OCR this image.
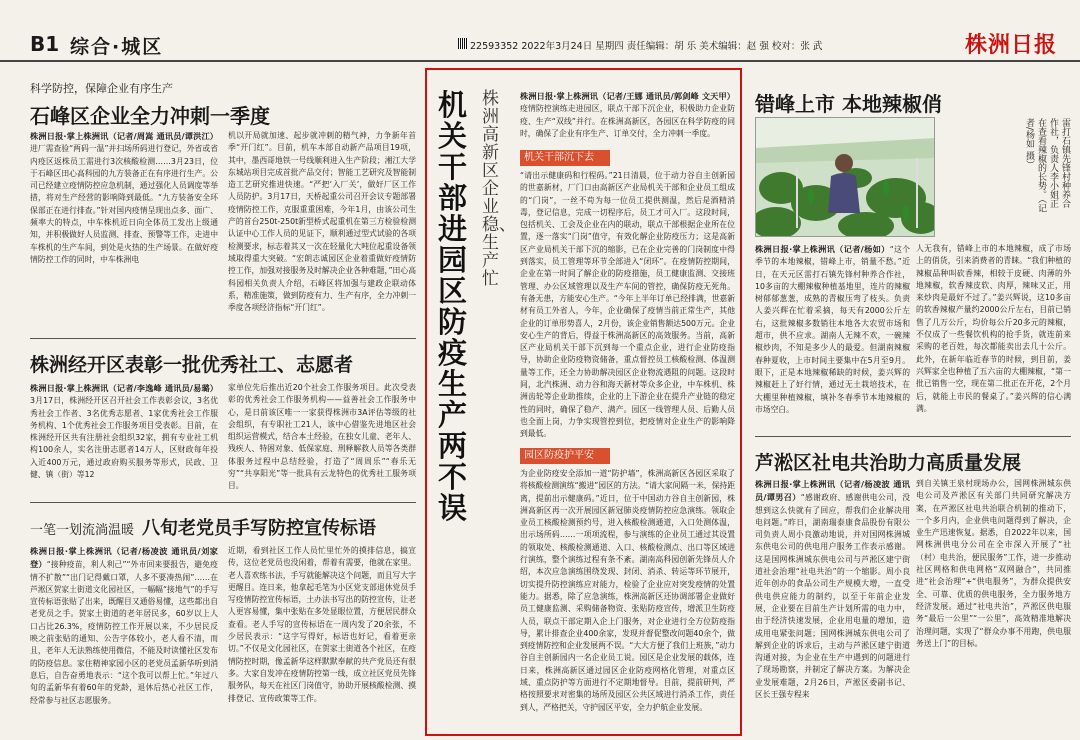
B1 综合·城区	22593352 2022年3月24日 星期四 责任编辑：胡 乐 美术编辑：赵 强 校对：张 武	株洲日报
科学防控，保障企业有序生产
石峰区企业全力冲刺一季度
株洲日报·掌上株洲讯（记者/周嵩 通讯员/谭洪江）进厂需查验“两码一温”并扫场所码进行登记，外省或省内疫区返株员工需进行3次核酸检测……3月23日，位于石峰区田心高科园的九方装备正在有序进行生产。公司已经建立疫情防控应急机制，通过强化人员调度等举措，将对生产经营的影响降到最低。“九方装备安全环保部正在进行排查。”针对国内疫情呈现出点多、面广、频率大的特点，中车株机近日向全体员工发出上级通知，并积极做好人员监测、排查、预警等工作，走进中车株机的生产车间，到处是火热的生产场景。在做好疫情防控工作的同时，中车株洲电
机以开局就加速、起步就冲刺的精气神，力争新年首季“开门红”。目前，机车本部自动新产品项目19项，其中，墨西哥地铁一号线顺利进入生产阶段；湘江大学东城站项目完成首批产品交付；智能工艺研究及智能制造工艺研究推进快速。“严把‘入厂关’，做好厂区工作人员防护。3月17日，天桥起重公司召开会议专题部署疫情防控工作，克服重重困难，今年1月，由该公司生产的首台250t-250t新型桥式起重机在第三方检验检测认证中心工作人员的见证下，顺利通过型式试验的各项检测要求，标志着其又一次在轻量化大吨位起重设备领域取得重大突破。“宏朗志诚园区企业着重做好疫情防控工作，加强对接服务及时解决企业各种难题，”田心高科园相关负责人介绍，石峰区将加强与建政企联动体系，精准施策，做到防疫有力、生产有序，全力冲刺一季度各项经济指标“开门红”。
株洲经开区表彰一批优秀社工、志愿者
株洲日报·掌上株洲讯（记者/李逸峰 通讯员/易璐）3月17日，株洲经开区召开社会工作表彰会议，3名优秀社会工作者、3名优秀志愿者、1家优秀社会工作服务机构、1个优秀社会工作服务项目受表彰。目前，在株洲经开区共有注册社会组织32家，拥有专业社工机构100余人，实名注册志愿者14万人，区财政每年投入近400万元，通过政府购买服务等形式，民政、卫健、镇（街）等12
家单位先后推出近20个社会工作服务项目。此次受表彰的优秀社会工作服务机构——益善社会工作服务中心，是日前该区唯一一家获得株洲市3A评估等级的社会组织，有专职社工21人，该中心借鉴先进地区社会组织运营模式，结合本土经验，在独女儿童、老年人、残疾人、特困对象、低保家庭、刑释解救人员等各类群体服务过程中总结经验，打造了“周周乐”“春乐无穷”“共享阳光”等一批具有云龙特色的优秀社工服务项目。
一笔一划流淌温暖 八旬老党员手写防控宣传标语
株洲日报·掌上株洲讯（记者/杨凌波 通讯员/刘家登）“接种疫苗，利人利己”“外市回来要报告，避免疫情不扩散”“出门记得戴口罩，人多不要凑热闹”……在芦淞区贺家土街道文化园社区，一幅幅“接地气”的手写宣传标语张贴了出来，既醒目又通俗易懂，这些都出自老党员之手。贺家土街道的老年居民多，60岁以上人口占比26.3%，疫情防控工作开展以来，不少居民反映之前张贴的通知、公告字体较小，老人看不清，而且，老年人无法熟练使用微信，不能及时读懂社区发布的防疫信息。家住精神家园小区的老党员孟新华听到消息后，自告奋勇地表示：“这个我可以帮上忙。”年过八旬的孟新华有着60年的党龄，退休后热心社区工作，经常参与社区志愿服务。
近期，看到社区工作人员忙里忙外的摸排信息，搞宣传，这位老党员也没闲着，帮着有需要，他就在家里。老人喜欢练书法，手写就能解决这个问题，而且写大字更醒目。连日来，他拿起毛笔为小区党支部退休党员手写疫情防控宣传标语，土办法书写出的防控宣传，让老人更容易懂，集中张贴在多处显眼位置，方便居民群众查看。老人手写的宣传标语在一周内发了20余张，不少居民表示：“这字写得好，标语也好记，看着更亲切。”不仅是文化园社区，在贺家土街道各个社区，在疫情防控时期，像孟新华这样默默奉献的共产党员还有很多。大家自发冲在疫情防控第一线，成立社区党员先锋服务队，每天在社区门岗值守，协助开展核酸检测、摸排登记、宣传政策等工作。
机关干部进园区 防疫生产两不误
株洲高新区企业稳、生产忙
株洲日报·掌上株洲讯（记者/王娜 通讯员/郭剑峰 文天甲）疫情防控演练走进园区，联点干部下沉企业，积极助力企业防疫、生产“双线”并行。在株洲高新区，各园区在科学防疫的同时，确保了企业有序生产、订单交付，全力冲刺一季度。
机关干部沉下去
“请出示健康码和行程码。”21日清晨，位于动力谷自主创新园的世嘉新材，厂门口由高新区产业局机关干部和企业员工组成的“门岗”，一丝不苟为每一位员工提供测温，然后是酒精消毒，登记信息，完成一切程序后，员工才可入厂。这段时间，包括机关、工会及企业在内的联动，联点干部根据企业所在位置，逐一落实“门岗”值守，有效化解企业防疫压力；这是高新区产业局机关干部下沉的缩影，已在企业完善的门岗制度中得到落实，员工管理等环节全部进入“闭环”。在疫情防控期间，企业在第一时间了解企业的防疫措施，员工健康监测、交接班管理、办公区域管理以及生产车间的管控，确保防疫无死角。有备无患，方能安心生产。“今年上半年订单已经排满，世嘉新材有员工外省人，今年，企业确保了疫情当前正常生产，其他企业的订单形势喜人，2月份，该企业销售额达500万元。企业安心生产的背后，得益于株洲高新区的高效服务。当前，高新区产业局机关干部下沉到每一个重点企业，进行企业防疫指导，协助企业防疫物资储备，重点督控员工核酸检测、体温测量等工作，还全力协助解决园区企业物流遇阻的问题。这段时间，北汽株洲、动力谷和海天新材等众多企业，中车株机、株洲齿轮等企业助推续，企业的上下游企业在提升产业链的稳定性的同时，确保了稳产、满产。园区一线管理人员、后勤人员也全面上岗，力争实现管控到位，把疫情对企业生产的影响降到最低。
园区防疫护平安
为企业防疫安全添加一道“防护墙”，株洲高新区各园区采取了将核酸检测演练“搬进”园区的方法。“请大家间隔一米，保持距离，提前出示健康码。”近日，位于中国动力谷自主创新园，株洲高新区再一次开展园区新冠肺炎疫情防控应急演练。领取企业员工核酸检测预约号，进入核酸检测通道，入口处测体温，出示场所码……一项项流程，参与演练的企业员工通过其设置的领取处、核酸检测通道、入口、核酸检测点、出口等区域进行演练，整个演练过程有条不紊。湖南高科园创新先锋员人介绍，本次应急演练围绕发现、封闭、消杀、转运等环节展开，切实提升防控演练应对能力，检验了企业应对突发疫情的处置能力。据悉，除了应急演练，株洲高新区还协调部署企业做好员工健康监测、采购储备物资、张贴防疫宣传，增派卫生防疫人员，联点干部定期入企上门服务，对企业进行全方位防疫指导，累计排查企业400余家，发现并督促整改问题40余个，做到疫情防控和企业发展两不误。“大大方便了我们上班族，”动力谷自主创新园内一名企业员工说。园区是企业发展的载体，连日来，株洲高新区通过园区企业防疫网格化管理，对重点区域、重点防护等方面进行不定期地督导。目前，提前研判，严格按照要求对密集的场所及园区公共区域进行消杀工作，责任到人，严格把关，守护园区平安，全力护航企业发展。
错峰上市 本地辣椒俏
雷打石镇先锋村种养合作社，负责人李小姐正在查看辣椒的长势。（记者/杨如 摄）
株洲日报·掌上株洲讯（记者/杨如）“这个季节的本地辣椒，错峰上市，销量不愁。”近日，在天元区雷打石镇先锋村种养合作社，10多亩的大棚辣椒种植基地里，连片的辣椒树郁郁葱葱，成熟的青椒压弯了枝头。负责人姜兴辉在忙着采摘，每天有2000公斤左右，这批辣椒多数销往本地各大农贸市场和超市，供不应求。湖南人无辣不欢，一碗辣椒炒肉，不知是多少人的最爱。但湖南辣椒春种夏收，上市时间主要集中在5月至9月。眼下，正是本地辣椒稀缺的时候，姜兴辉的辣椒赶上了好行情，通过无土栽培技术，在大棚里种植辣椒，填补冬春季节本地辣椒的市场空白。
人无我有，错峰上市的本地辣椒，成了市场上的俏货，引来消费者的青睐。“我们种植的辣椒品种叫砍香辣，相较于皮硬、肉薄的外地辣椒，软香辣皮软、肉厚，辣味又正，用来炒肉是最好不过了。”姜兴辉说，这10多亩的软香辣椒产量约2000公斤左右，目前已销售了几万公斤，均价每公斤20多元的辣椒，不仅成了一些餐饮机构的抢手货，就连前来采购的老百姓，每次都能卖出去几十公斤。此外，在新年临近春节的时候，到目前，姜兴辉家全也种植了五六亩的大棚辣椒，“第一批已销售一空，现在第二批正在开花，2个月后，就能上市民的餐桌了。”姜兴辉的信心满满。
芦淞区社电共治助力高质量发展
株洲日报·掌上株洲讯（记者/杨凌波 通讯员/谭男召）“感谢政府、感谢供电公司，没想到这么快就有了回应，帮我们企业解决用电问题。”昨日，湖南瑞泰康食品股份有限公司负责人周小良激动地说，并对国网株洲城东供电公司的供电用户服务工作表示感谢。这是国网株洲城东供电公司与芦淞区建宁街道社会治理“社电共治”的一个缩影。周小良近年创办的食品公司生产规模大增，一直受供电供应能力的制约，以至于年前企业发展，企业要在目前生产计划所需的电力中，由于经济快速发展，企业用电量的增加，造成用电紧张问题；国网株洲城东供电公司了解到企业的诉求后，主动与芦淞区建宁街道沟通对接，为企业在生产中遇到的问题进行了现场勘察，并制定了解决方案。为解决企业发展难题，2月26日，芦淞区委副书记、区长王强专程来
到自关镇王泉村现场办公，国网株洲城东供电公司及芦淞区有关部门共同研究解决方案，在芦淞区社电共治联合机制的推动下，一个多月内，企业供电问题得到了解决，企业生产迅速恢复。据悉，自2022年以来，国网株洲供电分公司在全市深入开展了“社（村）电共治，便民服务”工作，进一步推动社区网格和供电网格“双网融合”，共同推进“社会治理”+“供电服务”，为群众提供安全、可靠、优质的供电服务，全力服务地方经济发展。通过“社电共治”，芦淞区供电服务“最后一公里”“一公里”，高效精准地解决治理问题，实现了“群众办事不用跑，供电服务送上门”的目标。
